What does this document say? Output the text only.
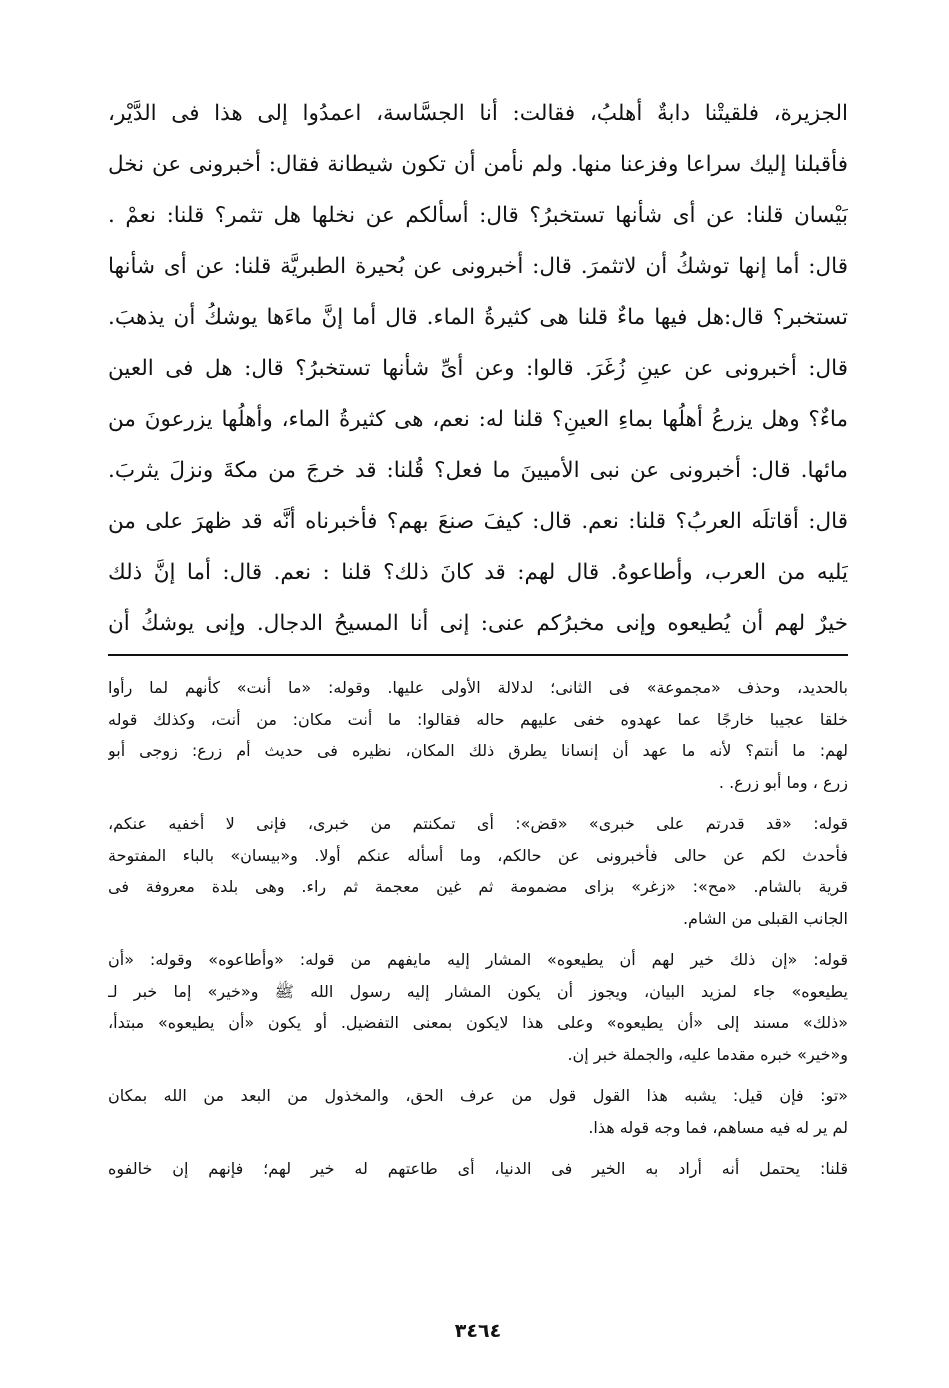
الجزيرة، فلقيتْنا دابةٌ أهلبُ، فقالت: أنا الجسَّاسة، اعمدُوا إلى هذا فى الدَّيْر،
فأقبلنا إليك سراعا وفزعنا منها. ولم نأمن أن تكون شيطانة فقال: أخبرونى عن نخل
بَيْسان قلنا: عن أى شأنها تستخبرُ؟ قال: أسألكم عن نخلها هل تثمر؟ قلنا: نعمْ .
قال: أما إنها توشكُ أن لاتثمرَ. قال: أخبرونى عن بُحيرة الطبريَّة قلنا: عن أى شأنها
تستخبر؟ قال:هل فيها ماءٌ قلنا هى كثيرةُ الماء. قال أما إنَّ ماءَها يوشكُ أن يذهبَ.
قال: أخبرونى عن عينِ زُغَرَ. قالوا: وعن أىِّ شأنها تستخبرُ؟ قال: هل فى العين
ماءٌ؟ وهل يزرعُ أهلُها بماءِ العينِ؟ قلنا له: نعم، هى كثيرةُ الماء، وأهلُها يزرعونَ من
مائها. قال: أخبرونى عن نبى الأميينَ ما فعل؟ قُلنا: قد خرجَ من مكةَ ونزلَ يثربَ.
قال: أقاتلَه العربُ؟ قلنا: نعم. قال: كيفَ صنعَ بهم؟ فأخبرناه أنَّه قد ظهرَ على من
يَليه من العرب، وأطاعوهُ. قال لهم: قد كانَ ذلك؟ قلنا : نعم. قال: أما إنَّ ذلك
خيرٌ لهم أن يُطيعوه وإنى مخبرُكم عنى: إنى أنا المسيحُ الدجال. وإنى يوشكُ أن
بالحديد، وحذف «مجموعة» فى الثانى؛ لدلالة الأولى عليها. وقوله: «ما أنت» كأنهم لما رأوا
خلقا عجيبا خارجًا عما عهدوه خفى عليهم حاله فقالوا: ما أنت مكان: من أنت، وكذلك قوله
لهم: ما أنتم؟ لأنه ما عهد أن إنسانا يطرق ذلك المكان، نظيره فى حديث أم زرع: زوجى أبو
زرع ، وما أبو زرع. .
قوله: «قد قدرتم على خبرى» «قض»: أى تمكنتم من خبرى، فإنى لا أخفيه عنكم،
فأحدث لكم عن حالى فأخبرونى عن حالكم، وما أسأله عنكم أولا. و«بيسان» بالباء المفتوحة
قرية بالشام. «مح»: «زغر» بزاى مضمومة ثم غين معجمة ثم راء. وهى بلدة معروفة فى
الجانب القبلى من الشام.
قوله: «إن ذلك خير لهم أن يطيعوه» المشار إليه مايفهم من قوله: «وأطاعوه» وقوله: «أن
يطيعوه» جاء لمزيد البيان، ويجوز أن يكون المشار إليه رسول الله ﷺ و«خير» إما خبر لـ
«ذلك» مسند إلى «أن يطيعوه» وعلى هذا لايكون بمعنى التفضيل. أو يكون «أن يطيعوه» مبتدأ،
و«خير» خبره مقدما عليه، والجملة خبر إن.
«تو: فإن قيل: يشبه هذا القول قول من عرف الحق، والمخذول من البعد من الله بمكان
لم ير له فيه مساهم، فما وجه قوله هذا.
قلنا: يحتمل أنه أراد به الخير فى الدنيا، أى طاعتهم له خير لهم؛ فإنهم إن خالفوه
٣٤٦٤
